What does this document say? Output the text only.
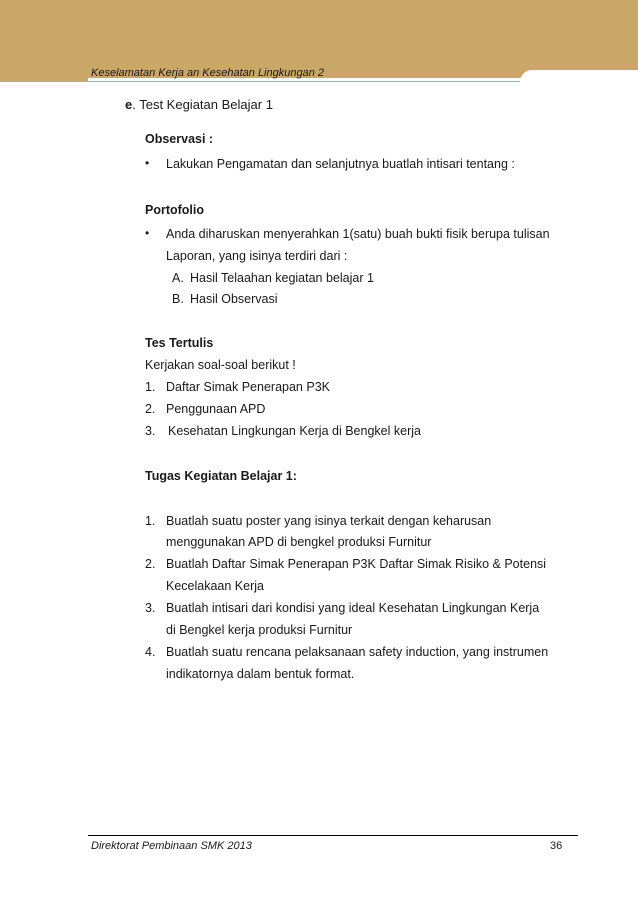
Keselamatan Kerja an Kesehatan Lingkungan 2
e. Test Kegiatan Belajar 1
Observasi :
• Lakukan Pengamatan dan selanjutnya buatlah intisari tentang :
Portofolio
• Anda diharuskan menyerahkan 1(satu) buah bukti fisik berupa tulisan
Laporan, yang isinya terdiri dari :
A. Hasil Telaahan kegiatan belajar 1
B. Hasil Observasi
Tes Tertulis
Kerjakan soal-soal berikut !
1. Daftar Simak Penerapan P3K
2. Penggunaan APD
3. Kesehatan Lingkungan Kerja di Bengkel kerja
Tugas Kegiatan Belajar 1:
1. Buatlah suatu poster yang isinya terkait dengan keharusan
menggunakan APD di bengkel produksi Furnitur
2. Buatlah Daftar Simak Penerapan P3K Daftar Simak Risiko & Potensi
Kecelakaan Kerja
3. Buatlah intisari dari kondisi yang ideal Kesehatan Lingkungan Kerja
di Bengkel kerja produksi Furnitur
4. Buatlah suatu rencana pelaksanaan safety induction, yang instrumen
indikatornya dalam bentuk format.
Direktorat Pembinaan SMK 2013	36
